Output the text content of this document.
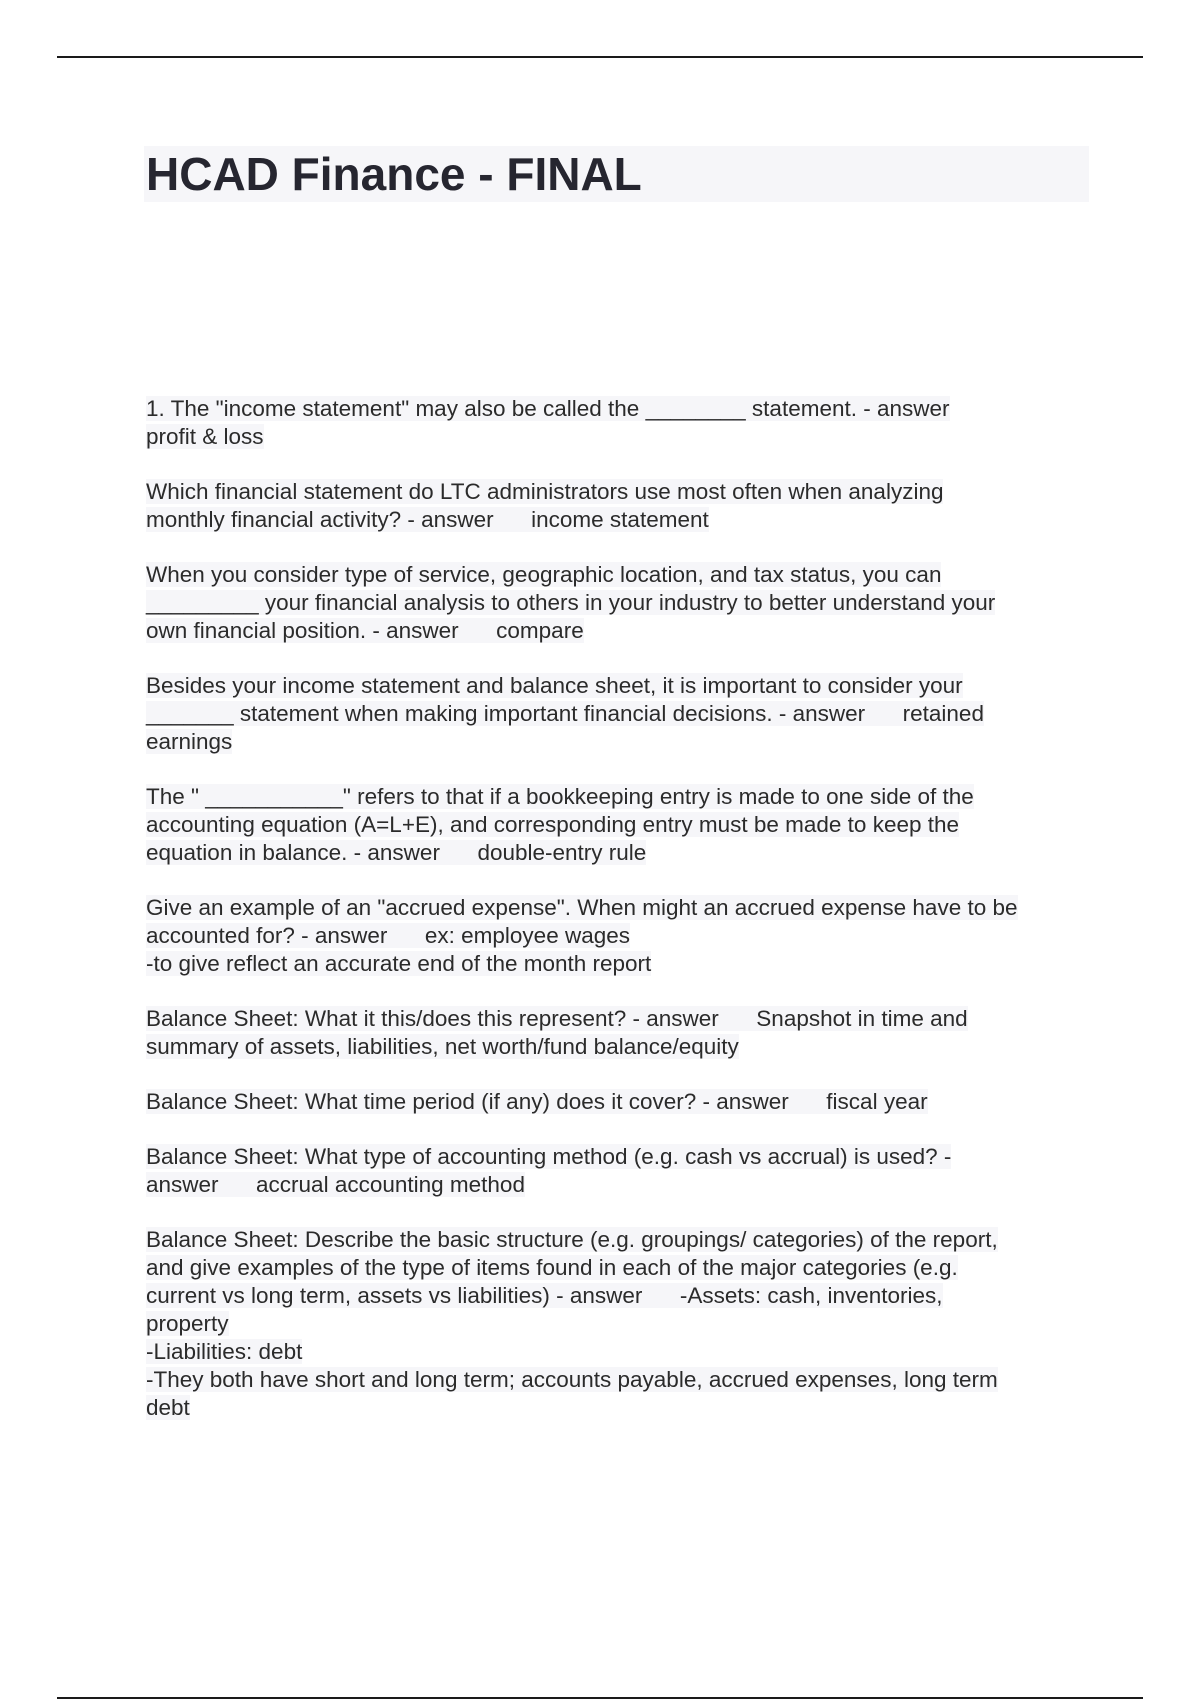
HCAD Finance - FINAL

1. The "income statement" may also be called the ________ statement. - answer
profit & loss

Which financial statement do LTC administrators use most often when analyzing
monthly financial activity? - answer      income statement

When you consider type of service, geographic location, and tax status, you can
_________ your financial analysis to others in your industry to better understand your
own financial position. - answer      compare

Besides your income statement and balance sheet, it is important to consider your
_______ statement when making important financial decisions. - answer      retained
earnings

The " ___________" refers to that if a bookkeeping entry is made to one side of the
accounting equation (A=L+E), and corresponding entry must be made to keep the
equation in balance. - answer      double-entry rule

Give an example of an "accrued expense". When might an accrued expense have to be
accounted for? - answer      ex: employee wages
-to give reflect an accurate end of the month report

Balance Sheet: What it this/does this represent? - answer      Snapshot in time and
summary of assets, liabilities, net worth/fund balance/equity

Balance Sheet: What time period (if any) does it cover? - answer      fiscal year

Balance Sheet: What type of accounting method (e.g. cash vs accrual) is used? -
answer      accrual accounting method

Balance Sheet: Describe the basic structure (e.g. groupings/ categories) of the report,
and give examples of the type of items found in each of the major categories (e.g.
current vs long term, assets vs liabilities) - answer      -Assets: cash, inventories,
property
-Liabilities: debt
-They both have short and long term; accounts payable, accrued expenses, long term
debt
